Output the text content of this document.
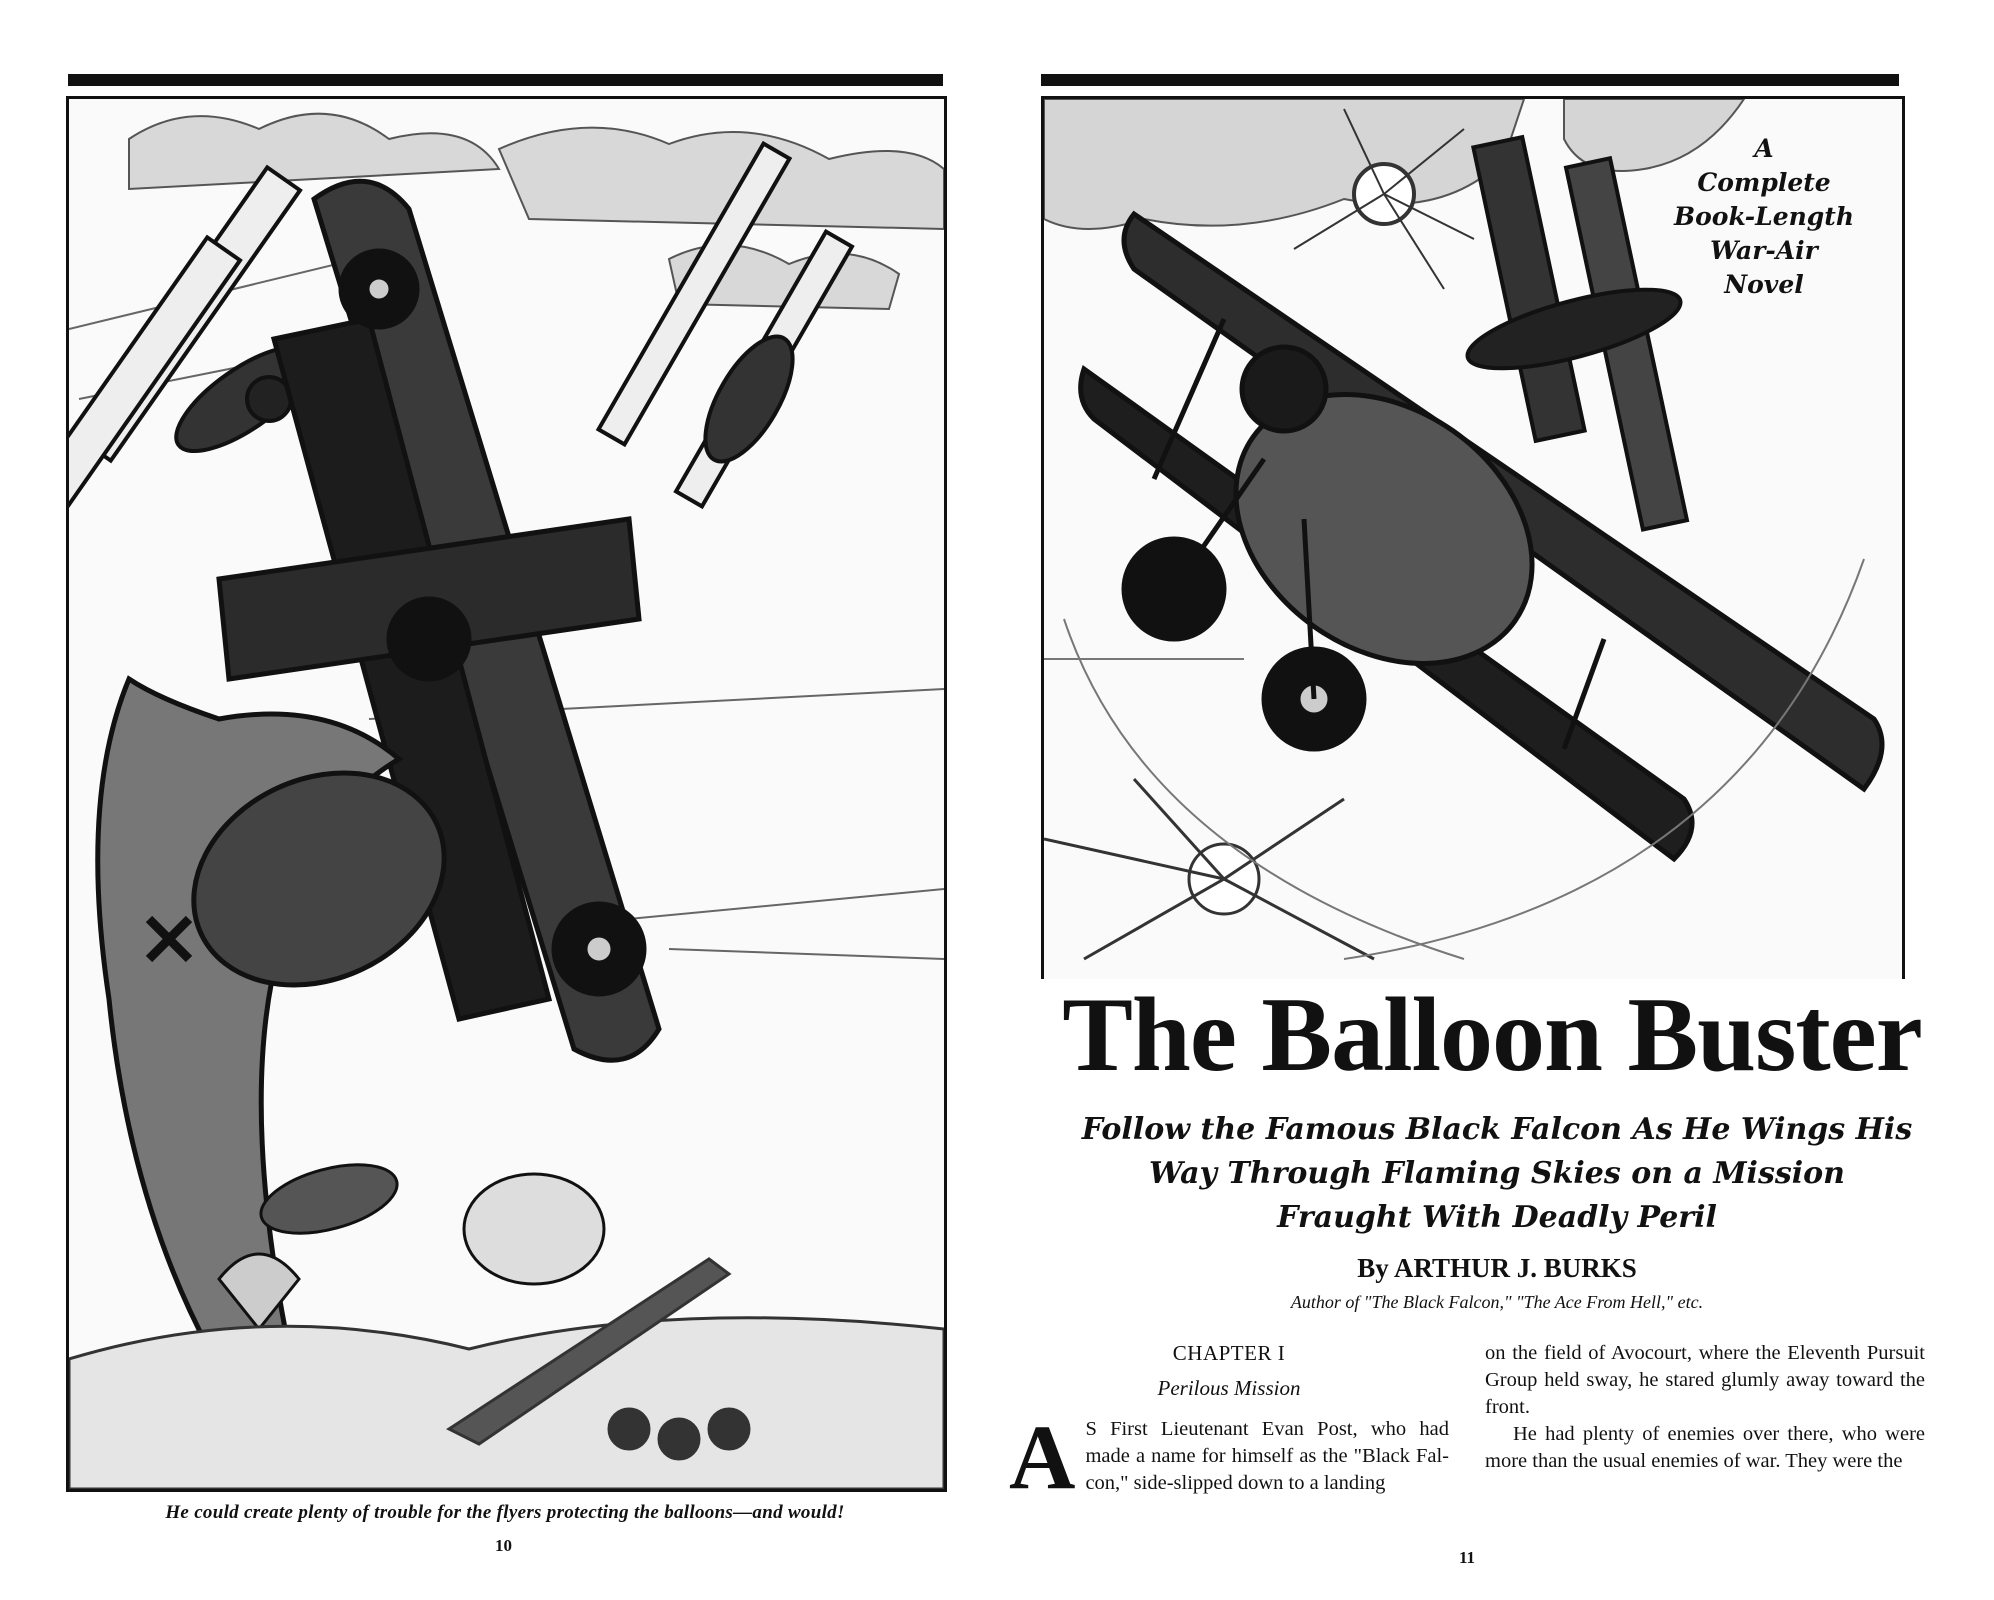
He could create plenty of trouble for the flyers protecting the balloons—and would!
10
A
Complete
Book-Length
War-Air
Novel
The Balloon Buster
Follow the Famous Black Falcon As He Wings His
Way Through Flaming Skies on a Mission
Fraught With Deadly Peril
By ARTHUR J. BURKS
Author of "The Black Falcon," "The Ace From Hell," etc.
CHAPTER I
Perilous Mission
A S First Lieutenant Evan Post, who had made a name for himself as the "Black Fal-con," side-slipped down to a landing

on the field of Avocourt, where the Eleventh Pursuit Group held sway, he stared glumly away toward the front.

He had plenty of enemies over there, who were more than the usual enemies of war. They were the

11
